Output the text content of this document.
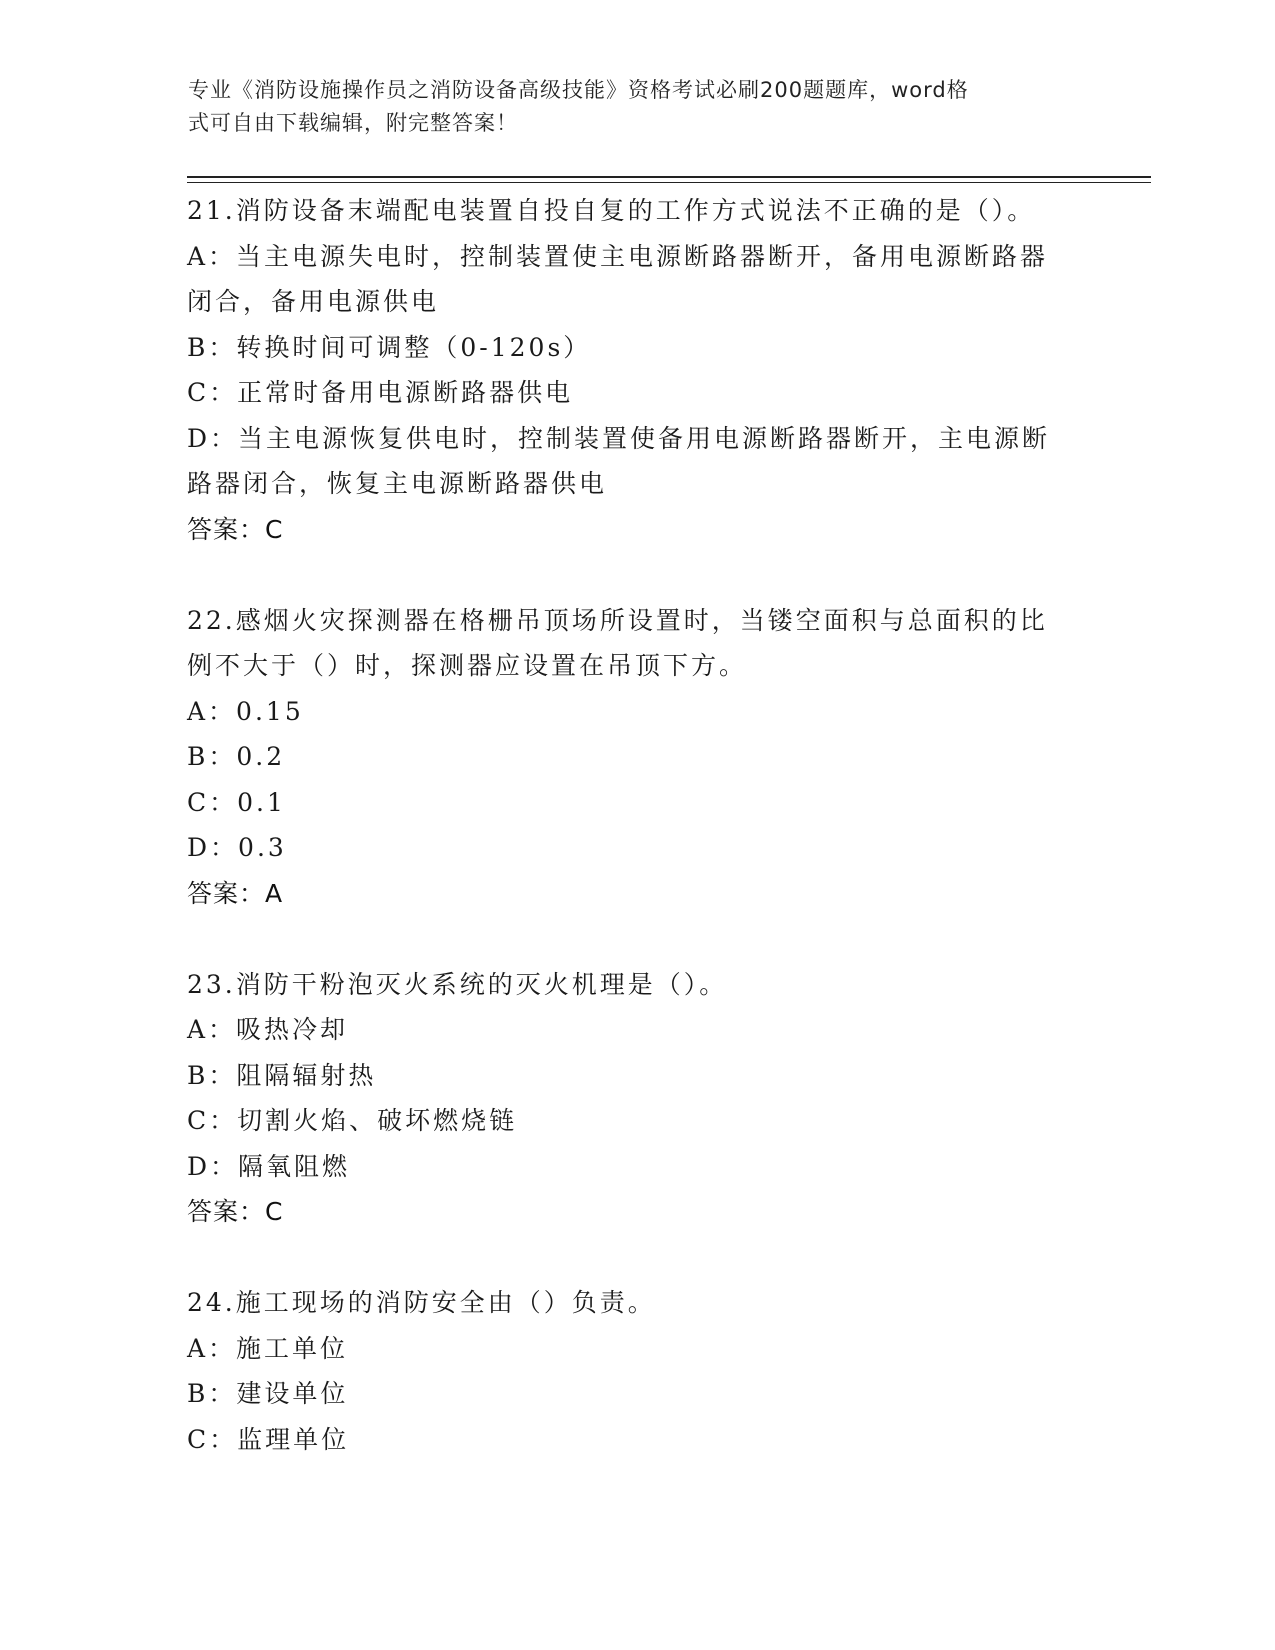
专业《消防设施操作员之消防设备高级技能》资格考试必刷200题题库，word格
式可自由下载编辑，附完整答案！
21.消防设备末端配电装置自投自复的工作方式说法不正确的是（）。
A：当主电源失电时，控制装置使主电源断路器断开，备用电源断路器
闭合，备用电源供电
B：转换时间可调整（0-120s）
C：正常时备用电源断路器供电
D：当主电源恢复供电时，控制装置使备用电源断路器断开，主电源断
路器闭合，恢复主电源断路器供电
答案：C
22.感烟火灾探测器在格栅吊顶场所设置时，当镂空面积与总面积的比
例不大于（）时，探测器应设置在吊顶下方。
A：0.15
B：0.2
C：0.1
D：0.3
答案：A
23.消防干粉泡灭火系统的灭火机理是（）。
A：吸热冷却
B：阻隔辐射热
C：切割火焰、破坏燃烧链
D：隔氧阻燃
答案：C
24.施工现场的消防安全由（）负责。
A：施工单位
B：建设单位
C：监理单位
